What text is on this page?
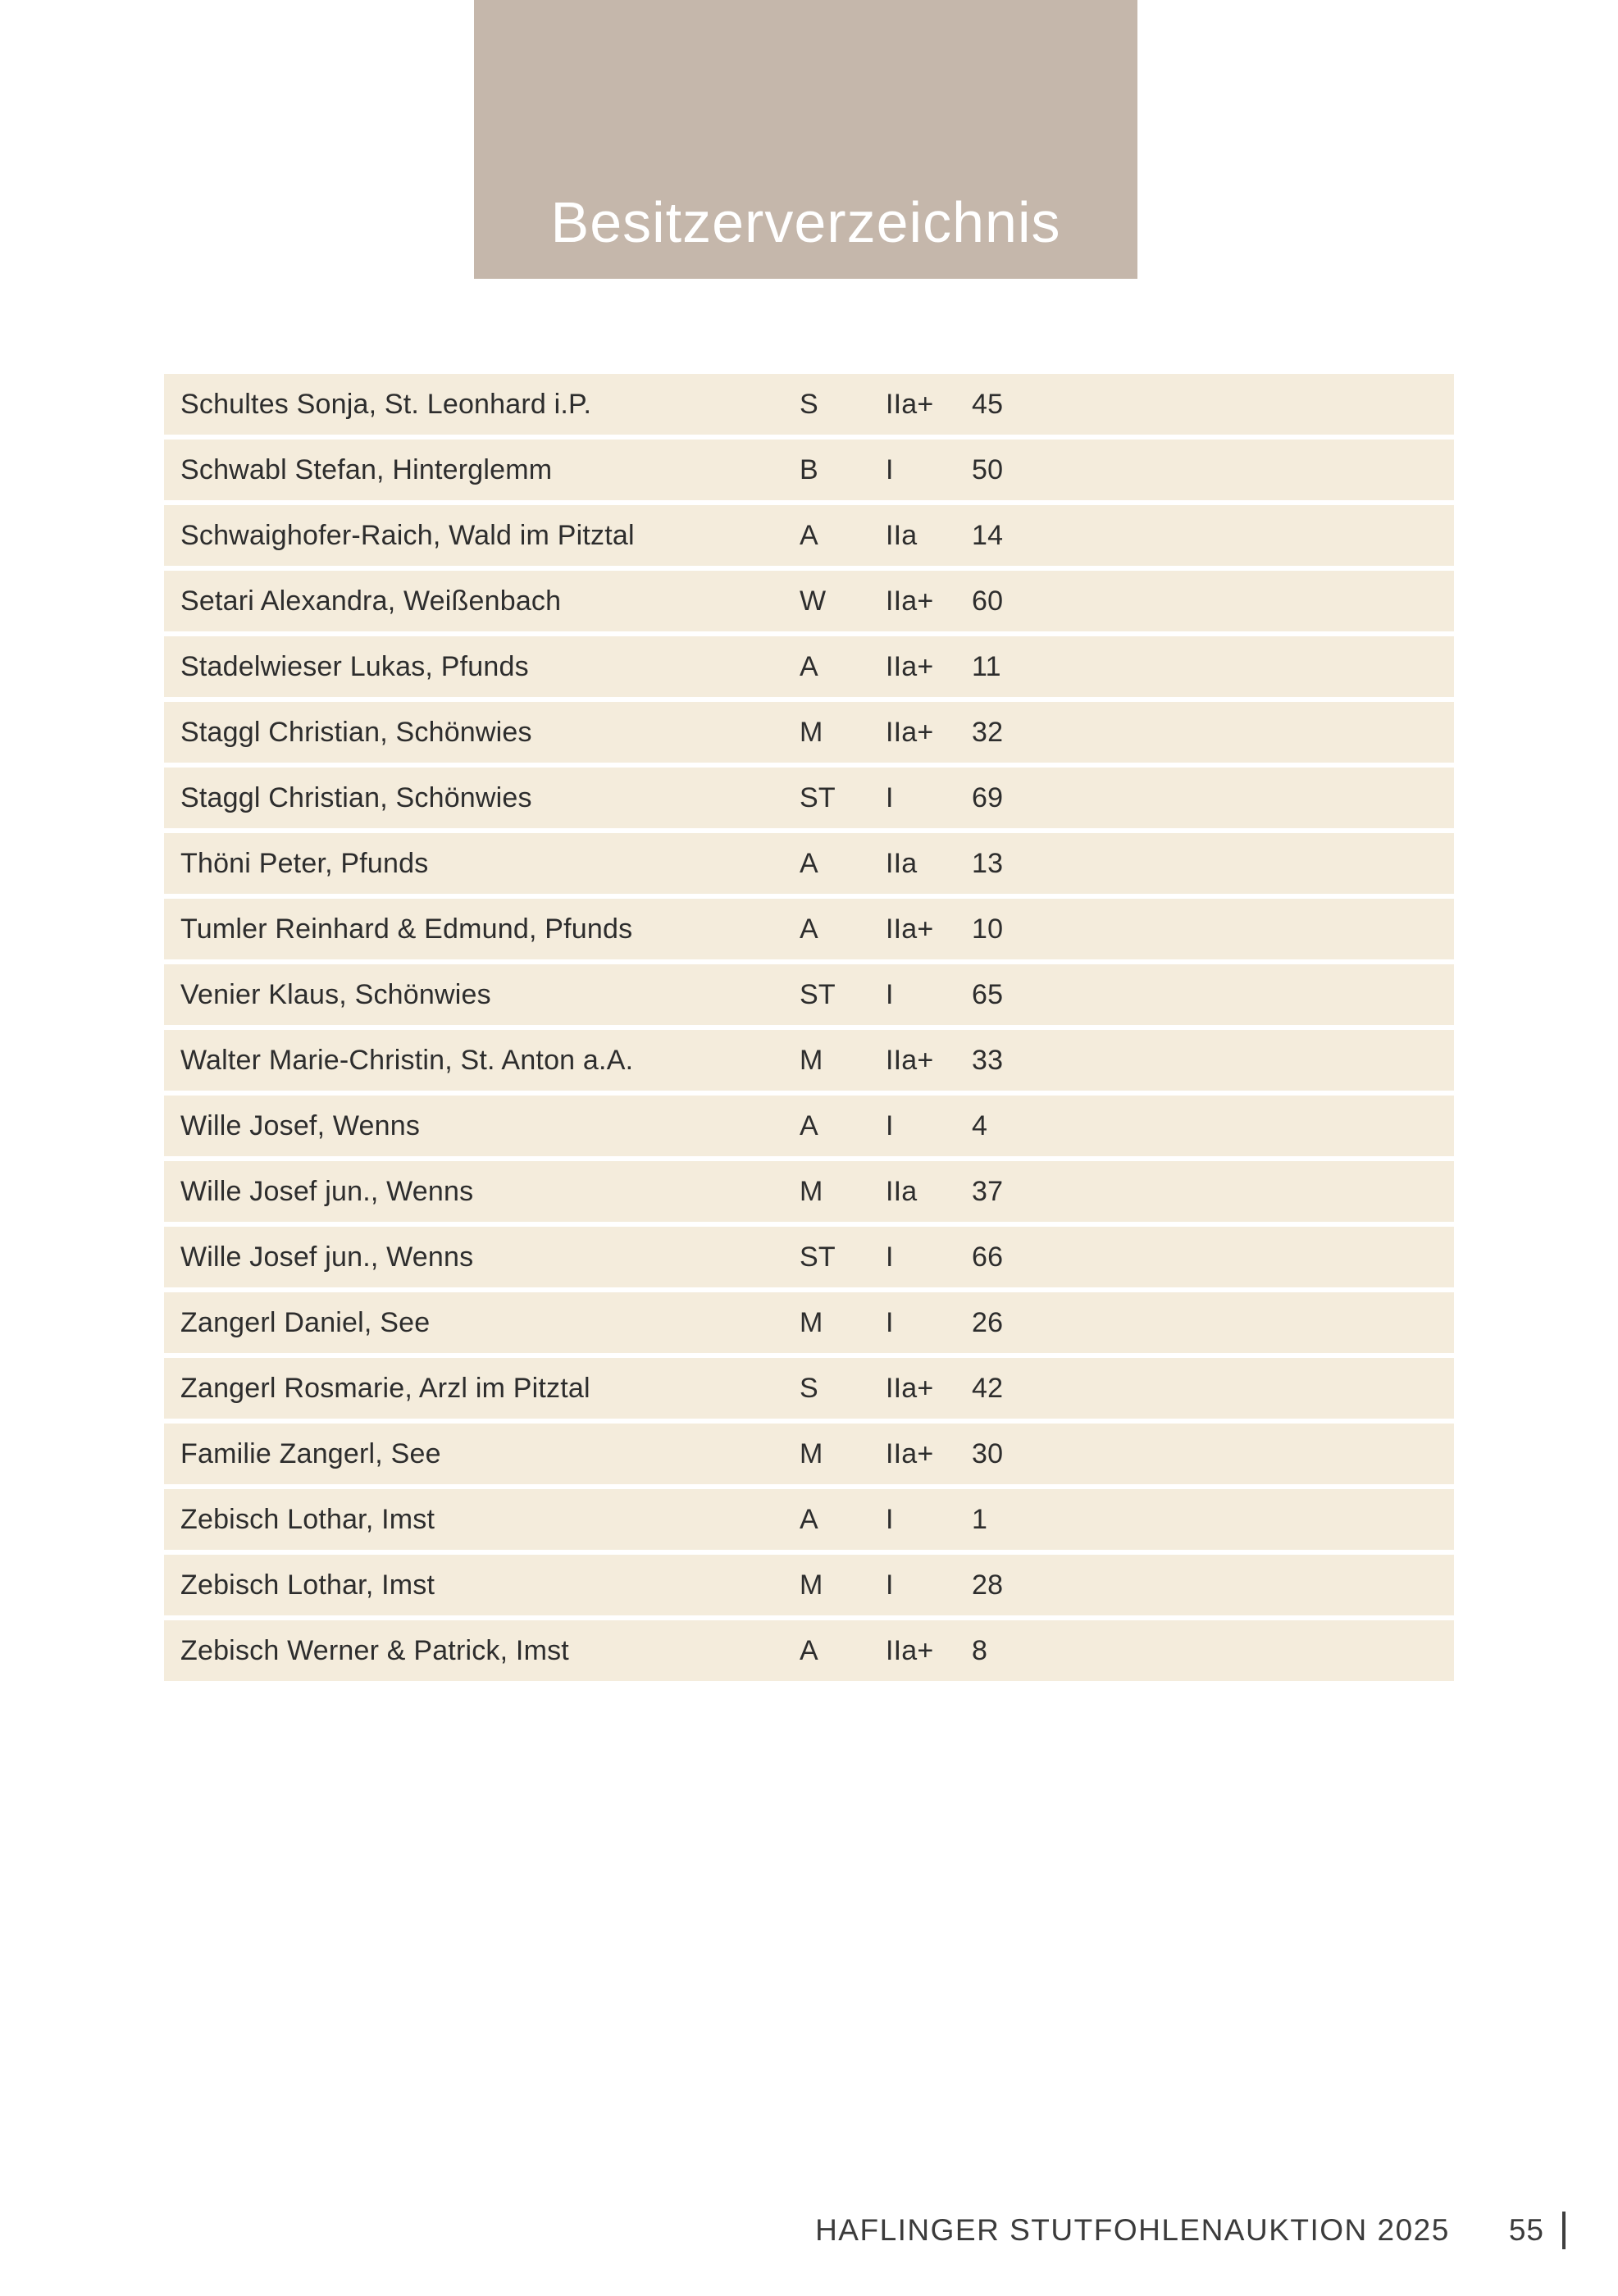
Besitzerverzeichnis
Schultes Sonja, St. Leonhard i.P.	S	IIa+	45
Schwabl Stefan, Hinterglemm	B	I	50
Schwaighofer-Raich, Wald im Pitztal	A	IIa	14
Setari Alexandra, Weißenbach	W	IIa+	60
Stadelwieser Lukas, Pfunds	A	IIa+	11
Staggl Christian, Schönwies	M	IIa+	32
Staggl Christian, Schönwies	ST	I	69
Thöni Peter, Pfunds	A	IIa	13
Tumler Reinhard & Edmund, Pfunds	A	IIa+	10
Venier Klaus, Schönwies	ST	I	65
Walter Marie-Christin, St. Anton a.A.	M	IIa+	33
Wille Josef, Wenns	A	I	4
Wille Josef jun., Wenns	M	IIa	37
Wille Josef jun., Wenns	ST	I	66
Zangerl Daniel, See	M	I	26
Zangerl Rosmarie, Arzl im Pitztal	S	IIa+	42
Familie Zangerl, See	M	IIa+	30
Zebisch Lothar, Imst	A	I	1
Zebisch Lothar, Imst	M	I	28
Zebisch Werner & Patrick, Imst	A	IIa+	8
HAFLINGER STUTFOHLENAUKTION 2025 55
